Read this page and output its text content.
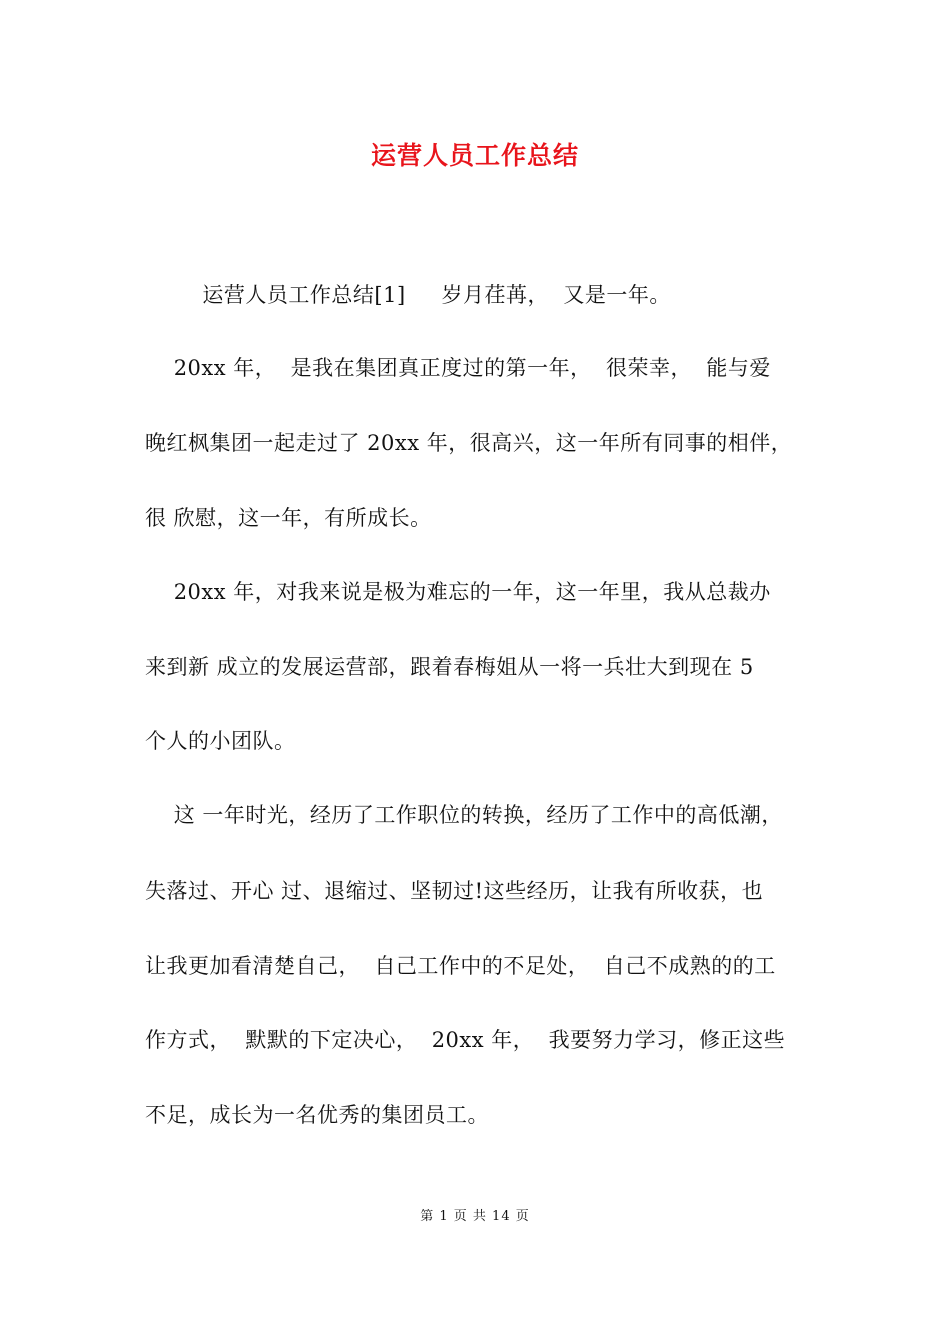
运营人员工作总结
运营人员工作总结[1]     岁月荏苒，  又是一年。
20xx 年，  是我在集团真正度过的第一年，  很荣幸，  能与爱
晚红枫集团一起走过了 20xx 年，很高兴，这一年所有同事的相伴，
很 欣慰，这一年，有所成长。
20xx 年，对我来说是极为难忘的一年，这一年里，我从总裁办
来到新 成立的发展运营部，跟着春梅姐从一将一兵壮大到现在 5
个人的小团队。
这 一年时光，经历了工作职位的转换，经历了工作中的高低潮，
失落过、开心 过、退缩过、坚韧过!这些经历，让我有所收获，也
让我更加看清楚自己，  自己工作中的不足处，  自己不成熟的的工
作方式，  默默的下定决心，  20xx 年，  我要努力学习，修正这些
不足，成长为一名优秀的集团员工。
第 1 页 共 14 页
